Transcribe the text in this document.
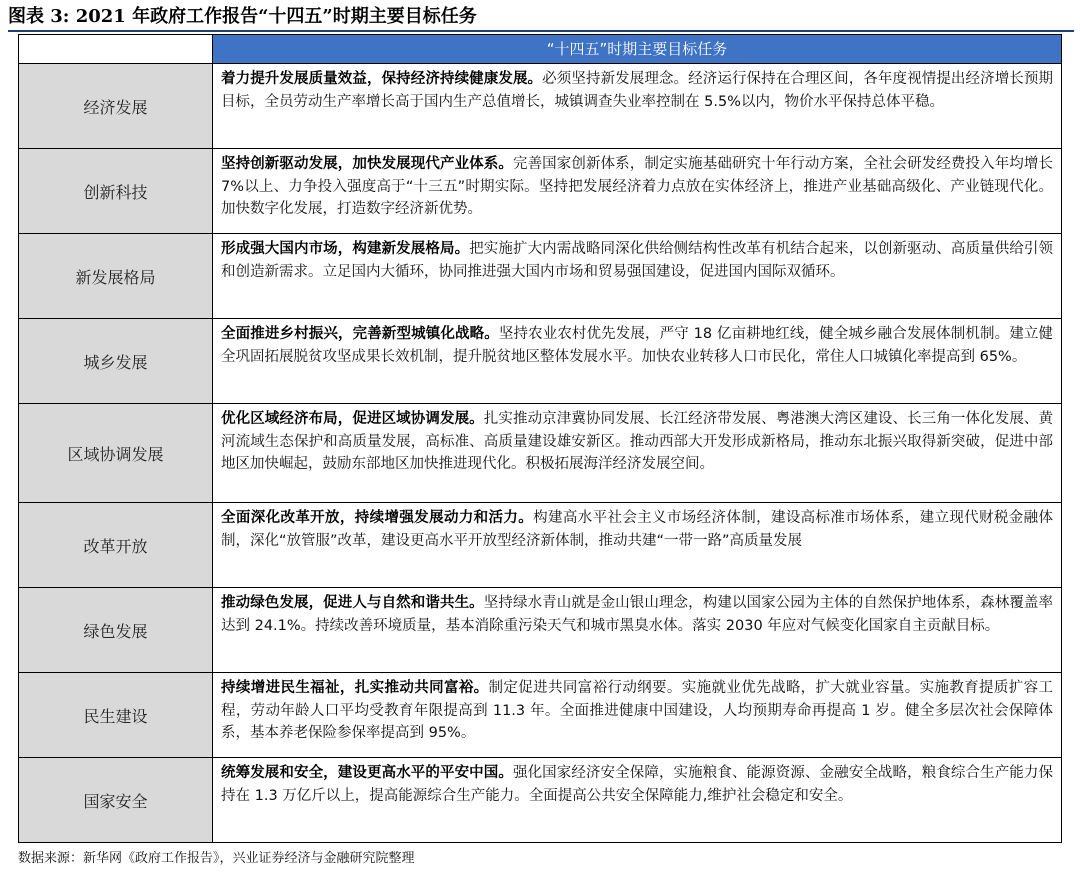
图表 3: 2021 年政府工作报告“十四五”时期主要目标任务
“十四五”时期主要目标任务
经济发展
着力提升发展质量效益，保持经济持续健康发展。必须坚持新发展理念。经济运行保持在合理区间，各年度视情提出经济增长预期目标，全员劳动生产率增长高于国内生产总值增长，城镇调查失业率控制在 5.5%以内，物价水平保持总体平稳。
创新科技
坚持创新驱动发展，加快发展现代产业体系。完善国家创新体系，制定实施基础研究十年行动方案，全社会研发经费投入年均增长 7%以上、力争投入强度高于“十三五”时期实际。坚持把发展经济着力点放在实体经济上，推进产业基础高级化、产业链现代化。加快数字化发展，打造数字经济新优势。
新发展格局
形成强大国内市场，构建新发展格局。把实施扩大内需战略同深化供给侧结构性改革有机结合起来，以创新驱动、高质量供给引领和创造新需求。立足国内大循环，协同推进强大国内市场和贸易强国建设，促进国内国际双循环。
城乡发展
全面推进乡村振兴，完善新型城镇化战略。坚持农业农村优先发展，严守 18 亿亩耕地红线，健全城乡融合发展体制机制。建立健全巩固拓展脱贫攻坚成果长效机制，提升脱贫地区整体发展水平。加快农业转移人口市民化，常住人口城镇化率提高到 65%。
区域协调发展
优化区域经济布局，促进区域协调发展。扎实推动京津冀协同发展、长江经济带发展、粤港澳大湾区建设、长三角一体化发展、黄河流域生态保护和高质量发展，高标准、高质量建设雄安新区。推动西部大开发形成新格局，推动东北振兴取得新突破，促进中部地区加快崛起，鼓励东部地区加快推进现代化。积极拓展海洋经济发展空间。
改革开放
全面深化改革开放，持续增强发展动力和活力。构建高水平社会主义市场经济体制，建设高标准市场体系，建立现代财税金融体制，深化“放管服”改革，建设更高水平开放型经济新体制，推动共建“一带一路”高质量发展
绿色发展
推动绿色发展，促进人与自然和谐共生。坚持绿水青山就是金山银山理念，构建以国家公园为主体的自然保护地体系，森林覆盖率达到 24.1%。持续改善环境质量，基本消除重污染天气和城市黑臭水体。落实 2030 年应对气候变化国家自主贡献目标。
民生建设
持续增进民生福祉，扎实推动共同富裕。制定促进共同富裕行动纲要。实施就业优先战略，扩大就业容量。实施教育提质扩容工程，劳动年龄人口平均受教育年限提高到 11.3 年。全面推进健康中国建设，人均预期寿命再提高 1 岁。健全多层次社会保障体系，基本养老保险参保率提高到 95%。
国家安全
统筹发展和安全，建设更高水平的平安中国。强化国家经济安全保障，实施粮食、能源资源、金融安全战略，粮食综合生产能力保持在 1.3 万亿斤以上，提高能源综合生产能力。全面提高公共安全保障能力,维护社会稳定和安全。
数据来源：新华网《政府工作报告》，兴业证券经济与金融研究院整理
